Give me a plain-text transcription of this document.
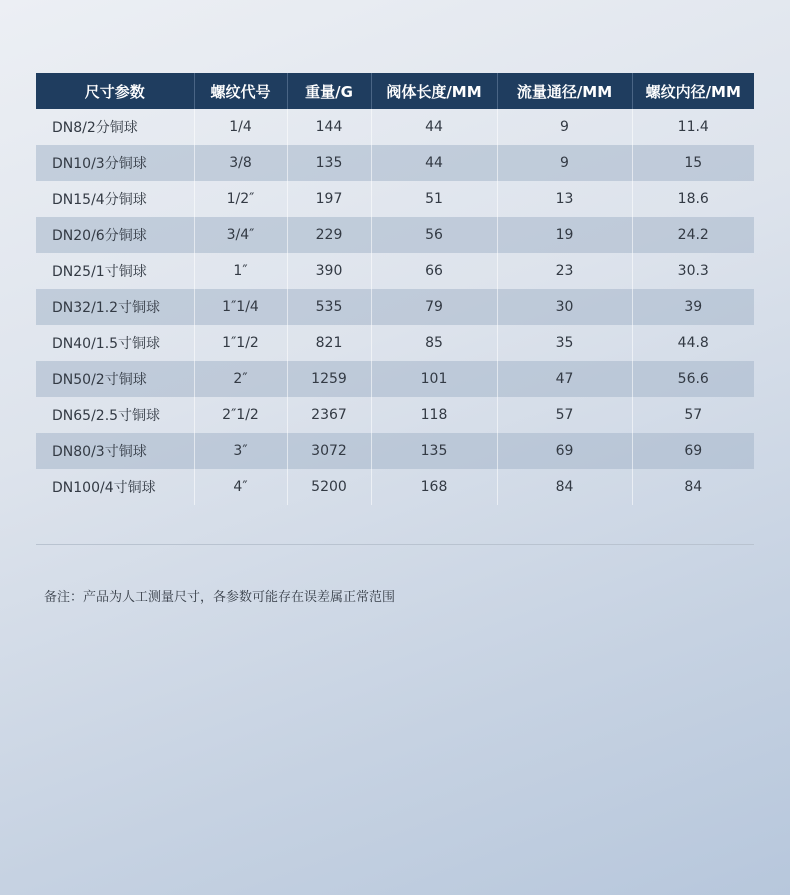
尺寸参数	螺纹代号	重量/G	阀体长度/MM	流量通径/MM	螺纹内径/MM
DN8/2分铜球	1/4	144	44	9	11.4
DN10/3分铜球	3/8	135	44	9	15
DN15/4分铜球	1/2″	197	51	13	18.6
DN20/6分铜球	3/4″	229	56	19	24.2
DN25/1寸铜球	1″	390	66	23	30.3
DN32/1.2寸铜球	1″1/4	535	79	30	39
DN40/1.5寸铜球	1″1/2	821	85	35	44.8
DN50/2寸铜球	2″	1259	101	47	56.6
DN65/2.5寸铜球	2″1/2	2367	118	57	57
DN80/3寸铜球	3″	3072	135	69	69
DN100/4寸铜球	4″	5200	168	84	84
备注：产品为人工测量尺寸，各参数可能存在误差属正常范围
